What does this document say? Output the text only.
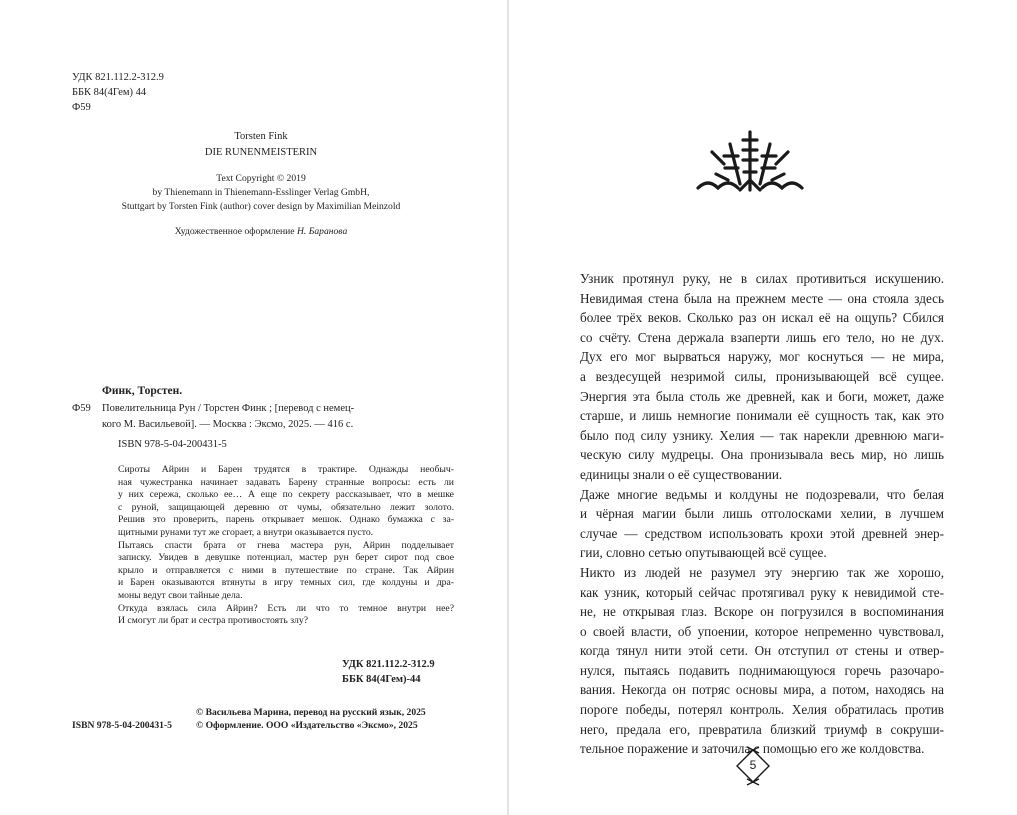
УДК 821.112.2-312.9
ББК 84(4Гем) 44
Ф59
Torsten Fink
DIE RUNENMEISTERIN
Text Copyright © 2019
by Thienemann in Thienemann-Esslinger Verlag GmbH,
Stuttgart by Torsten Fink (author) cover design by Maximilian Meinzold
Художественное оформление Н. Барановa
Финк, Торстен.
Ф59 Повелительница Рун / Торстен Финк ; [перевод с немец-
кого М. Васильевой]. — Москва : Эксмо, 2025. — 416 с.
ISBN 978-5-04-200431-5

Сироты Айрин и Барен трудятся в трактире. Однажды необыч-
ная чужестранка начинает задавать Барену странные вопросы: есть ли
у них сережа, сколько ее… А еще по секрету рассказывает, что в мешке
с руной, защищающей деревню от чумы, обязательно лежит золото.
Решив это проверить, парень открывает мешок. Однако бумажка с за-
щитными рунами тут же сгорает, а внутри оказывается пусто.

Пытаясь спасти брата от гнева мастера рун, Айрин подделывает
записку. Увидев в девушке потенциал, мастер рун берет сирот под свое
крыло и отправляется с ними в путешествие по стране. Так Айрин
и Барен оказываются втянуты в игру темных сил, где колдуны и дра-
моны ведут свои тайные дела.

Откуда взялась сила Айрин? Есть ли что то темное внутри нее?
И смогут ли брат и сестра противостоять злу?

УДК 821.112.2-312.9
ББК 84(4Гем)-44
ISBN 978-5-04-200431-5
© Васильева Марина, перевод на русский язык, 2025
© Оформление. ООО «Издательство «Эксмо», 2025

Узник протянул руку, не в силах противиться искушению.
Невидимая стена была на прежнем месте — она стояла здесь
более трёх веков. Сколько раз он искал её на ощупь? Сбился
со счёту. Стена держала взаперти лишь его тело, но не дух.
Дух его мог вырваться наружу, мог коснуться — не мира,
а вездесущей незримой силы, пронизывающей всё сущее.
Энергия эта была столь же древней, как и боги, может, даже
старше, и лишь немногие понимали её сущность так, как это
было под силу узнику. Хелия — так нарекли древнюю маги-
ческую силу мудрецы. Она пронизывала весь мир, но лишь
единицы знали о её существовании.

Даже многие ведьмы и колдуны не подозревали, что белая
и чёрная магии были лишь отголосками хелии, в лучшем
случае — средством использовать крохи этой древней энер-
гии, словно сетью опутывающей всё сущее.

Никто из людей не разумел эту энергию так же хорошо,
как узник, который сейчас протягивал руку к невидимой сте-
не, не открывая глаз. Вскоре он погрузился в воспоминания
о своей власти, об упоении, которое непременно чувствовал,
когда тянул нити этой сети. Он отступил от стены и отвер-
нулся, пытаясь подавить поднимающуюся горечь разочаро-
вания. Некогда он потряс основы мира, а потом, находясь на
пороге победы, потерял контроль. Хелия обратилась против
него, предала его, превратила близкий триумф в сокруши-
тельное поражение и заточила с помощью его же колдовства.

5
